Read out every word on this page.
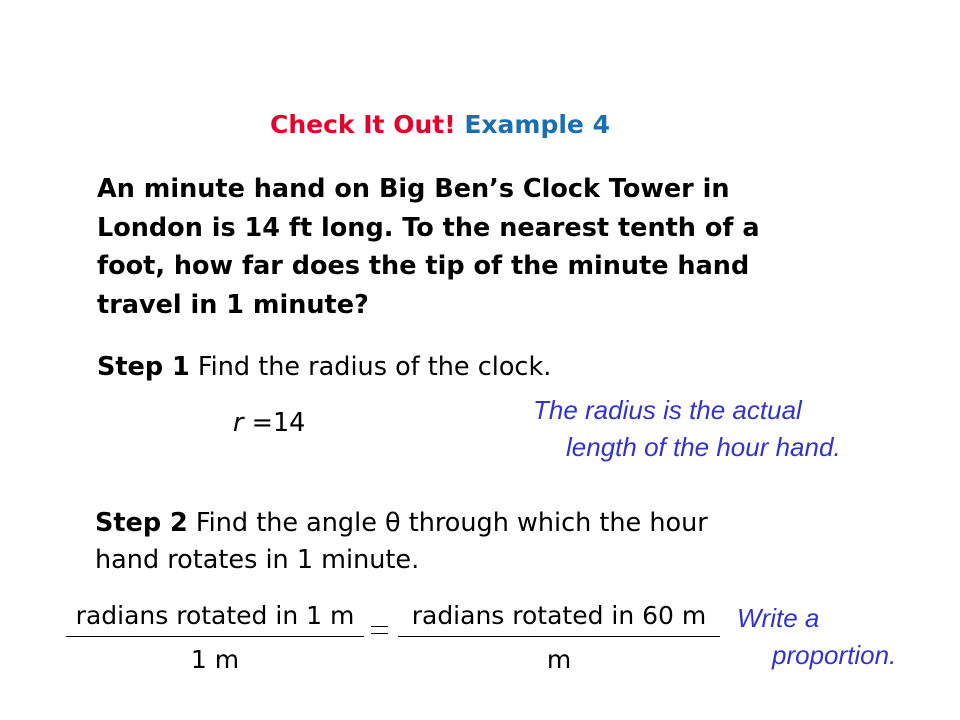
Check It Out! Example 4
An minute hand on Big Ben’s Clock Tower in
London is 14 ft long. To the nearest tenth of a
foot, how far does the tip of the minute hand
travel in 1 minute?
Step 1 Find the radius of the clock.
r =14	The radius is the actual
length of the hour hand.
Step 2 Find the angle θ through which the hour
hand rotates in 1 minute.
radians rotated in 1 m
1 m
radians rotated in 60 m
m
Write a
proportion.
